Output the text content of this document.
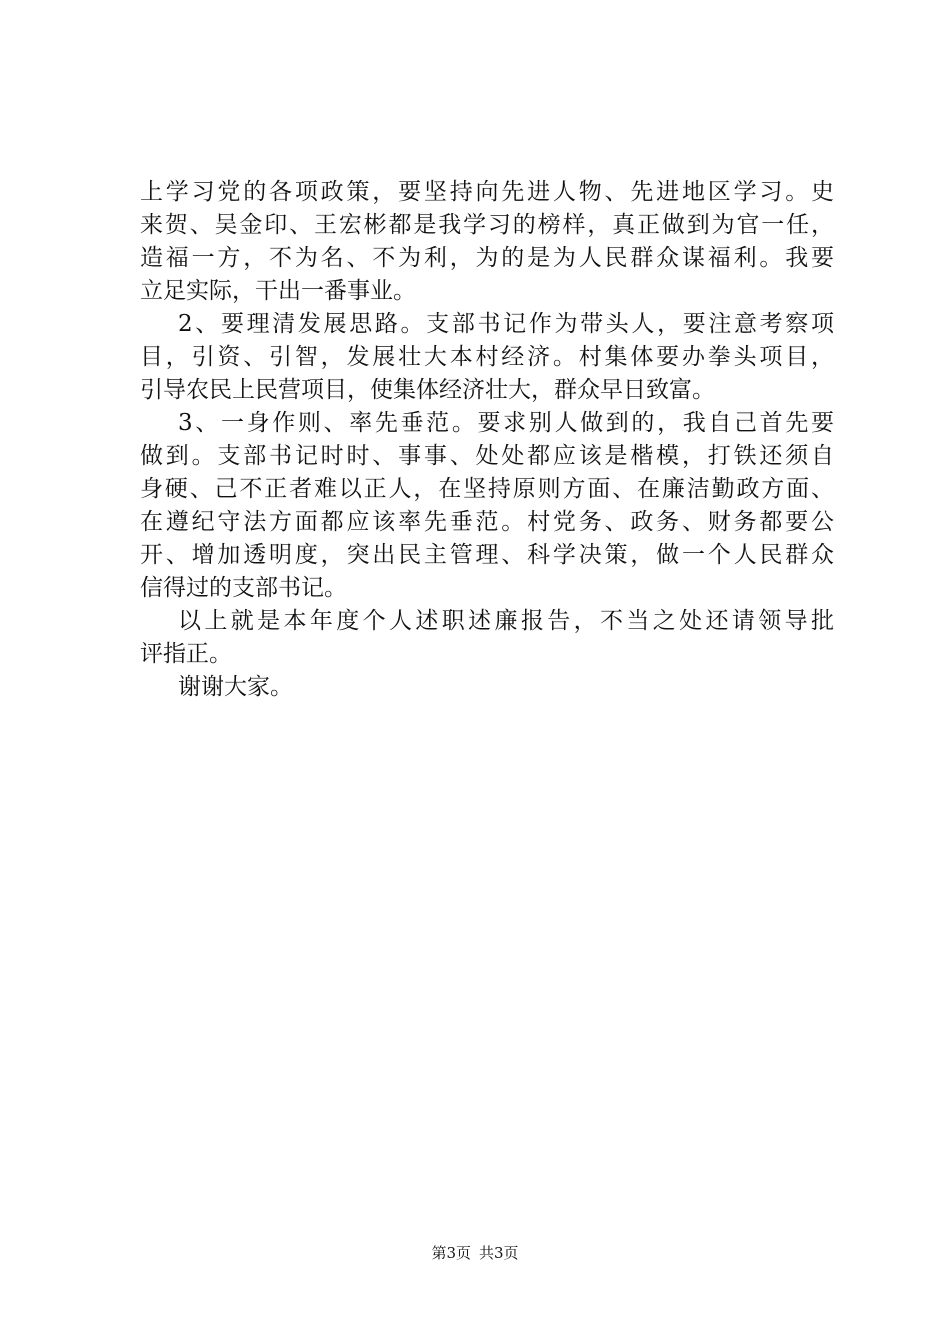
上学习党的各项政策，要坚持向先进人物、先进地区学习。史
来贺、吴金印、王宏彬都是我学习的榜样，真正做到为官一任，
造福一方，不为名、不为利，为的是为人民群众谋福利。我要
立足实际，干出一番事业。
2、要理清发展思路。支部书记作为带头人，要注意考察项
目，引资、引智，发展壮大本村经济。村集体要办拳头项目，
引导农民上民营项目，使集体经济壮大，群众早日致富。
3、一身作则、率先垂范。要求别人做到的，我自己首先要
做到。支部书记时时、事事、处处都应该是楷模，打铁还须自
身硬、己不正者难以正人，在坚持原则方面、在廉洁勤政方面、
在遵纪守法方面都应该率先垂范。村党务、政务、财务都要公
开、增加透明度，突出民主管理、科学决策，做一个人民群众
信得过的支部书记。
以上就是本年度个人述职述廉报告，不当之处还请领导批
评指正。
谢谢大家。
第3页 共3页
